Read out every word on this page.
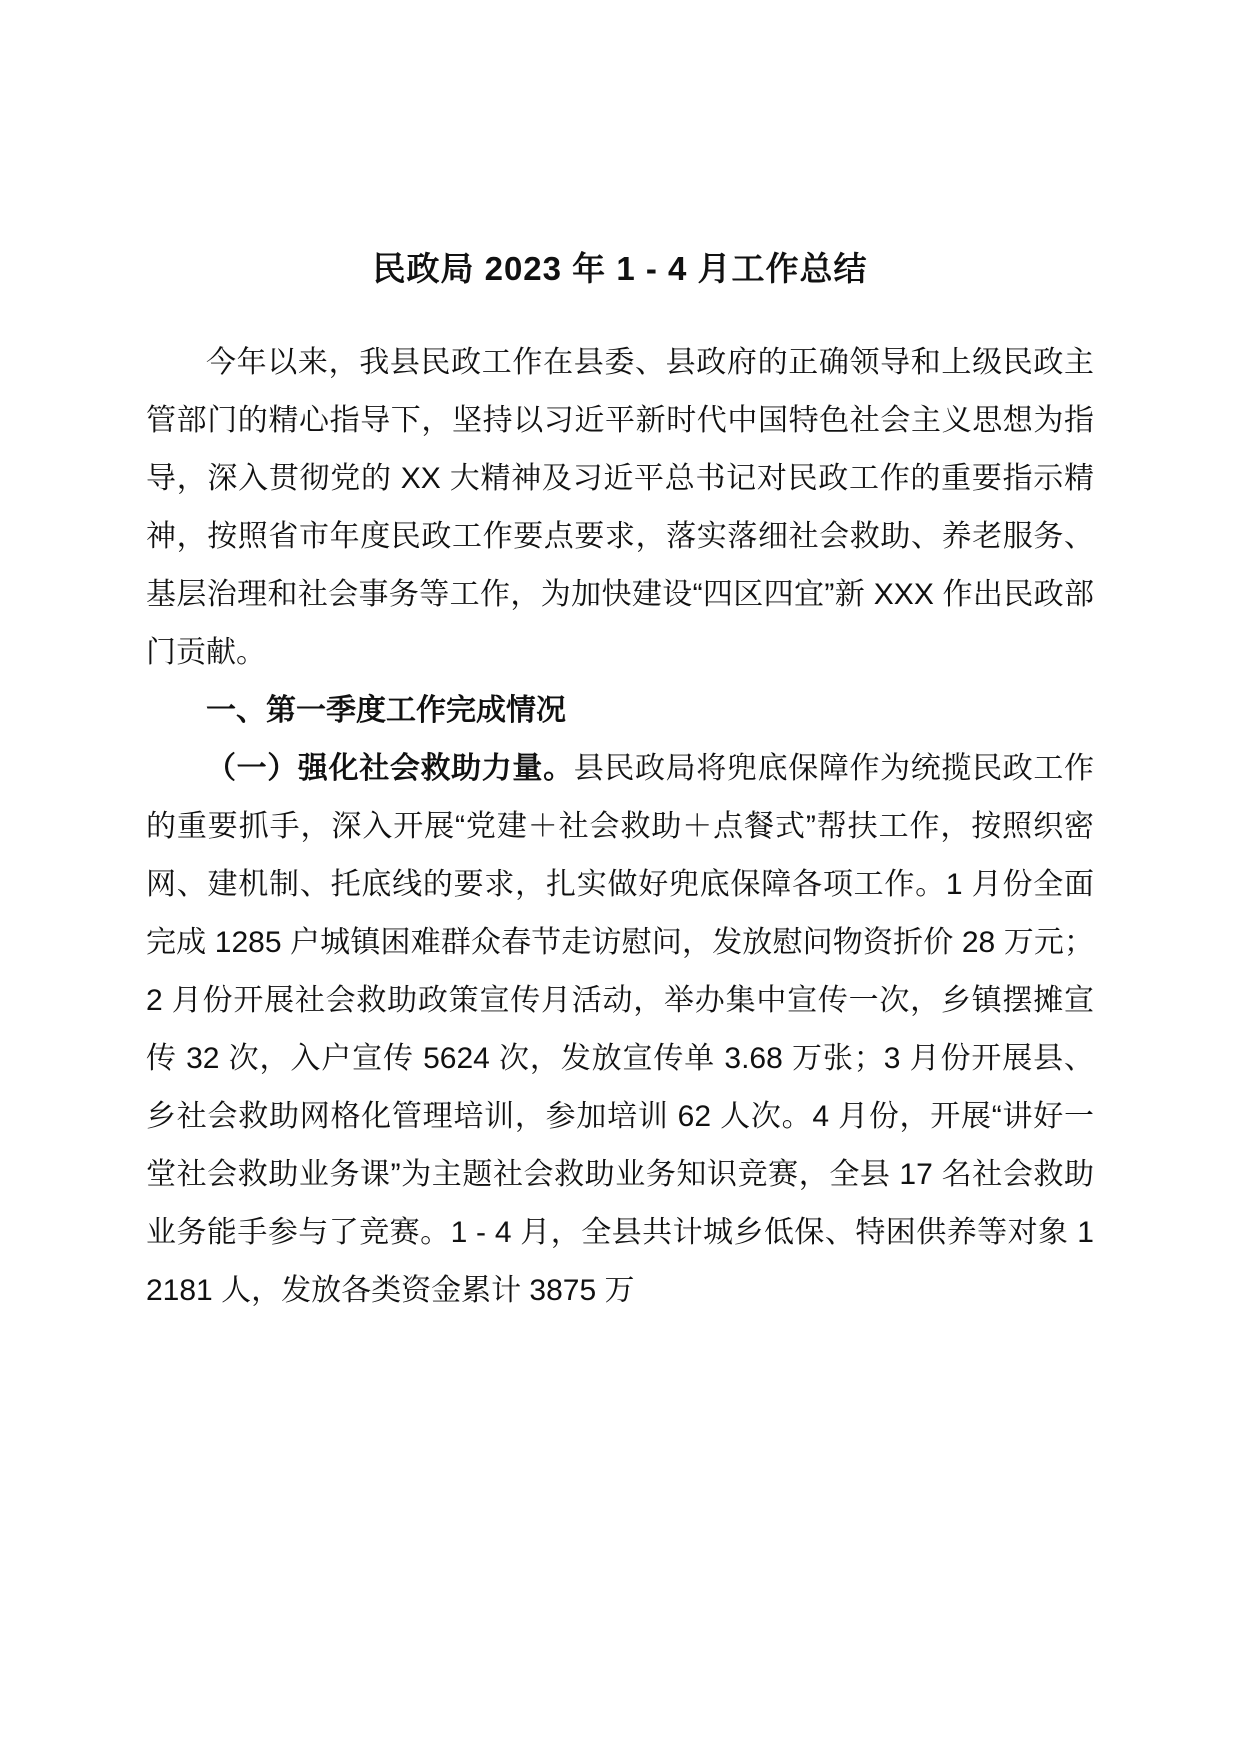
民政局 2023 年 1 - 4 月工作总结

今年以来，我县民政工作在县委、县政府的正确领导和上级民政主管部门的精心指导下，坚持以习近平新时代中国特色社会主义思想为指导，深入贯彻党的 XX 大精神及习近平总书记对民政工作的重要指示精神，按照省市年度民政工作要点要求，落实落细社会救助、养老服务、基层治理和社会事务等工作，为加快建设“四区四宜”新 XXX 作出民政部门贡献。

一、第一季度工作完成情况

（一）强化社会救助力量。县民政局将兜底保障作为统揽民政工作的重要抓手，深入开展“党建＋社会救助＋点餐式”帮扶工作，按照织密网、建机制、托底线的要求，扎实做好兜底保障各项工作。1 月份全面完成 1285 户城镇困难群众春节走访慰问，发放慰问物资折价 28 万元；2 月份开展社会救助政策宣传月活动，举办集中宣传一次，乡镇摆摊宣传 32 次，入户宣传 5624 次，发放宣传单 3.68 万张；3 月份开展县、乡社会救助网格化管理培训，参加培训 62 人次。4 月份，开展“讲好一堂社会救助业务课”为主题社会救助业务知识竞赛，全县 17 名社会救助业务能手参与了竞赛。1 - 4 月，全县共计城乡低保、特困供养等对象 12181 人，发放各类资金累计 3875 万
